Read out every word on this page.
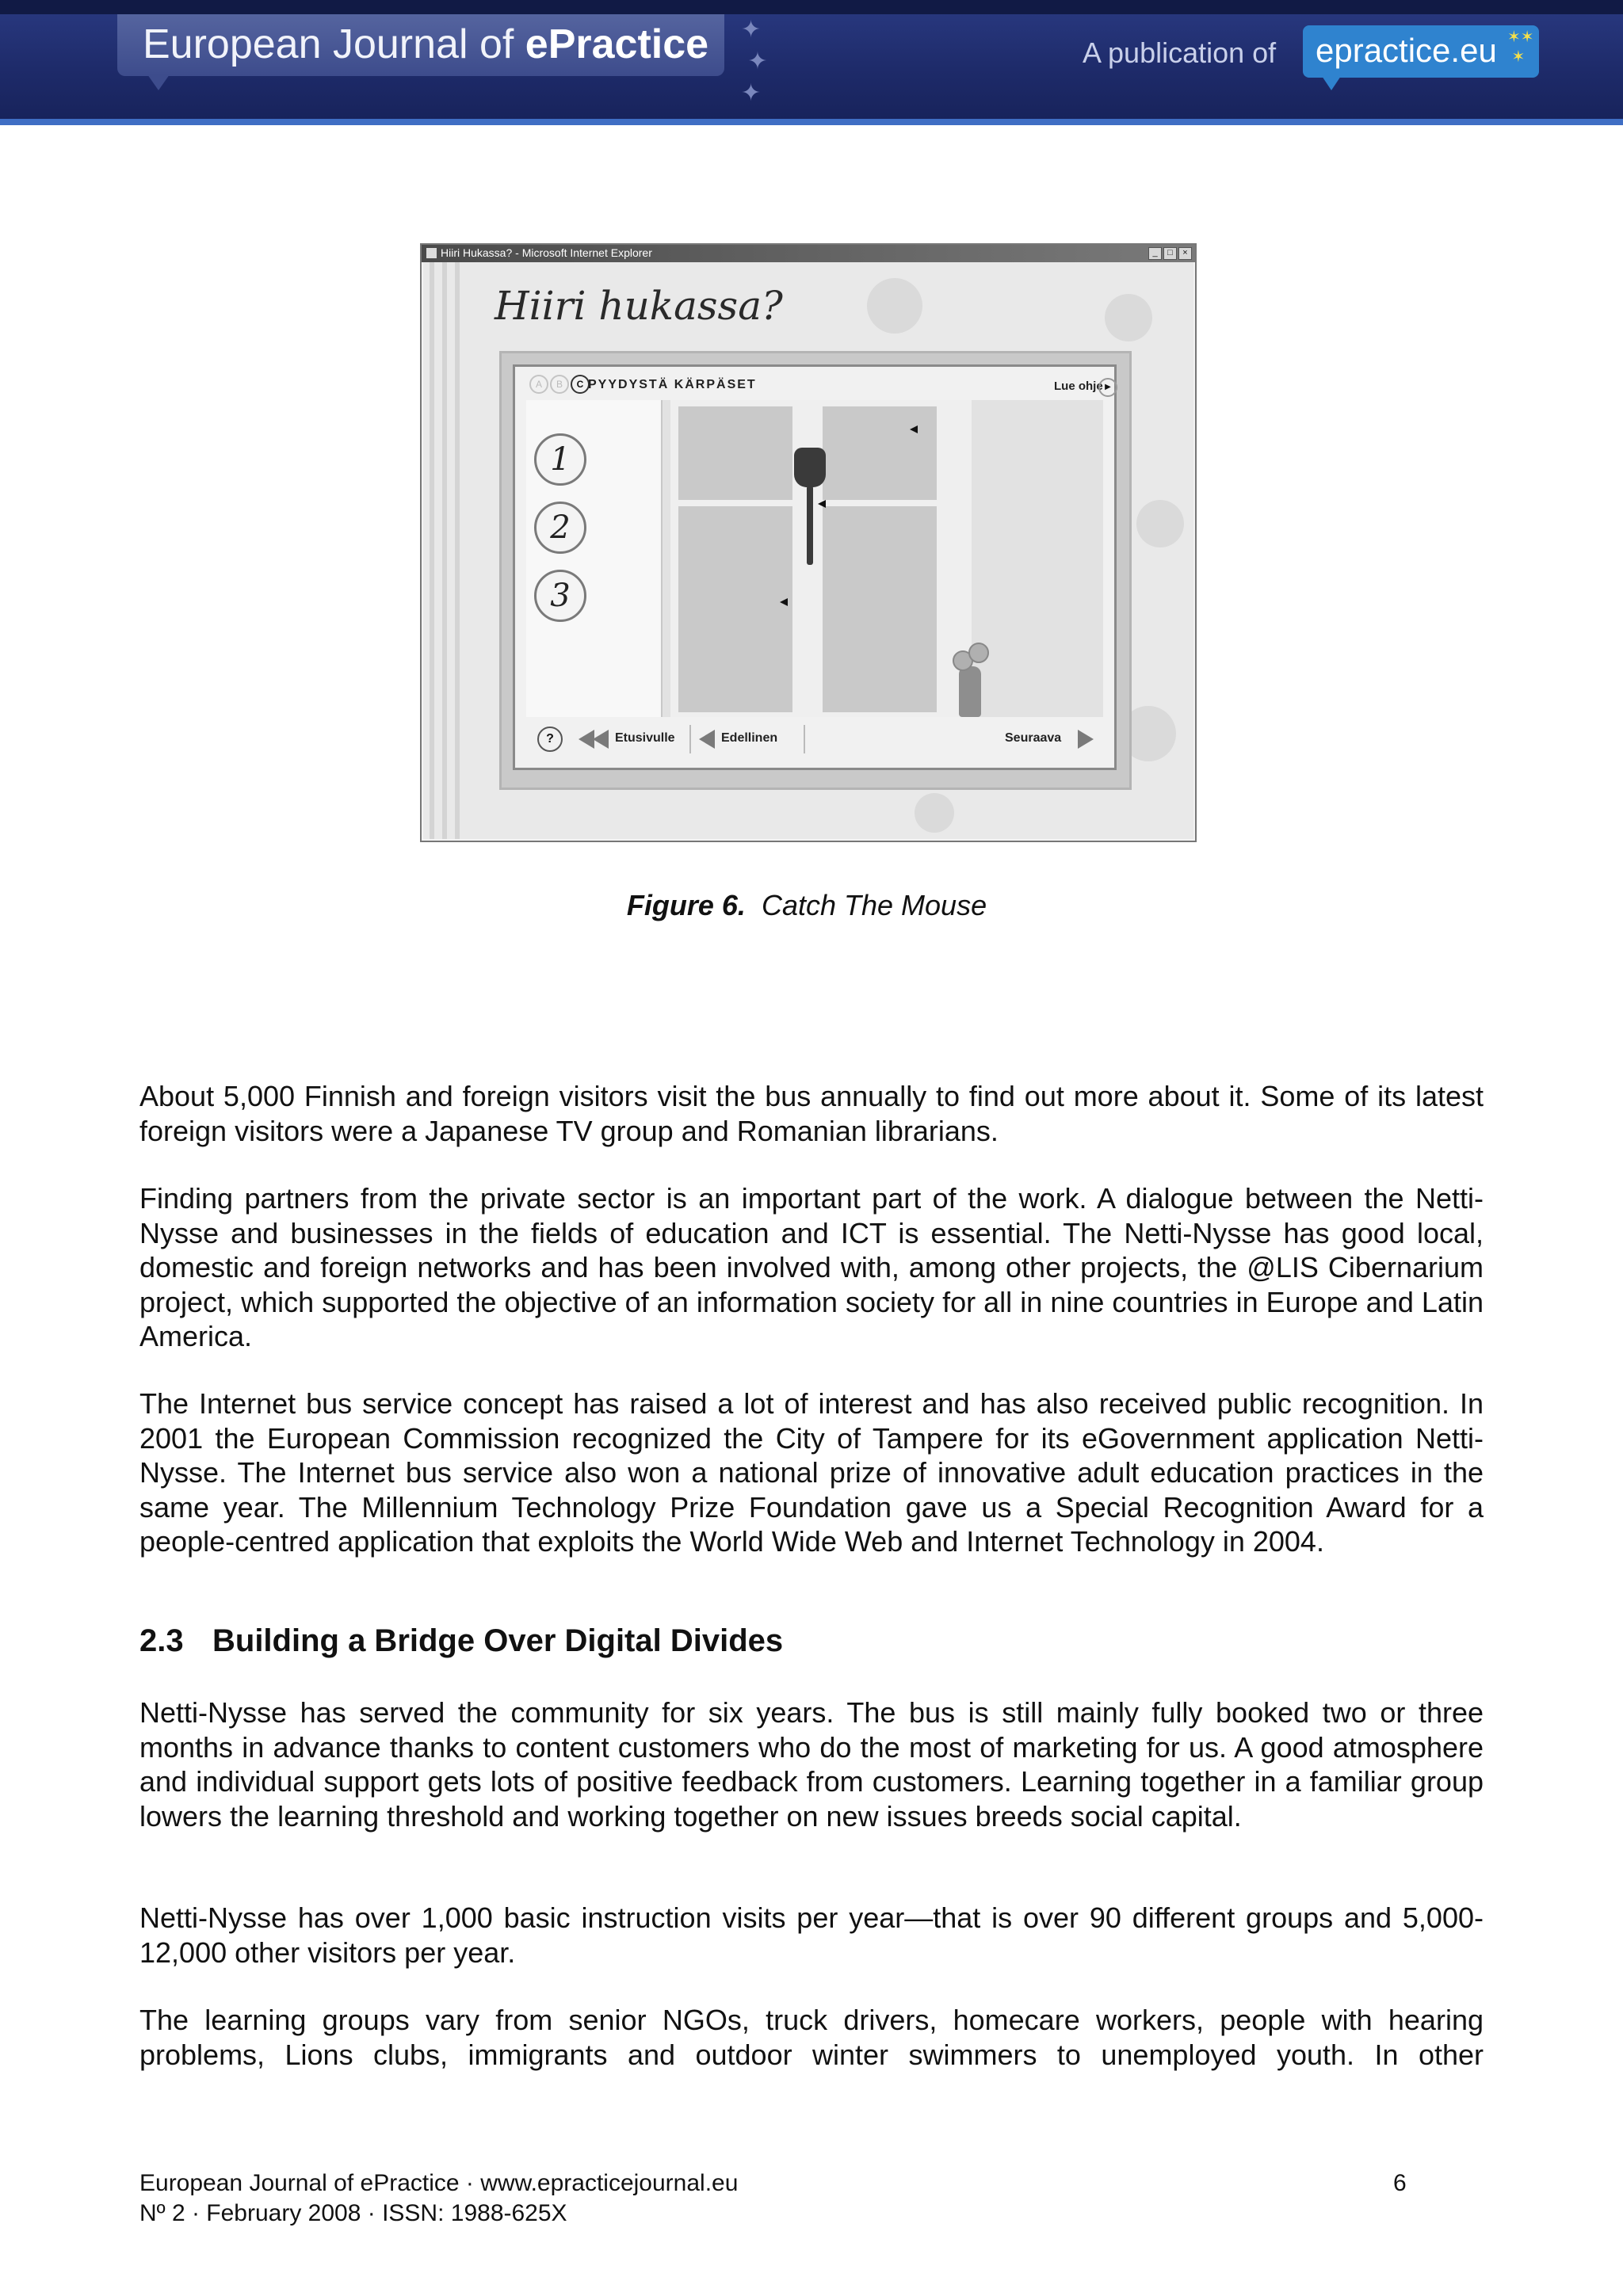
European Journal of ePractice ✦
✦
✦
A publication of epractice.eu ✶✶
✶
Hiiri Hukassa? - Microsoft Internet Explorer	_	□	×
Hiiri hukassa?
A	B	C PYYDYSTÄ KÄRPÄSET	Lue ohje ▶
1
2
3
?	Etusivulle	Edellinen	Seuraava
Figure 6. Catch The Mouse

About 5,000 Finnish and foreign visitors visit the bus annually to find out more about it. Some of its latest foreign visitors were a Japanese TV group and Romanian librarians.

Finding partners from the private sector is an important part of the work. A dialogue between the Netti-Nysse and businesses in the fields of education and ICT is essential. The Netti-Nysse has good local, domestic and foreign networks and has been involved with, among other projects, the @LIS Cibernarium project, which supported the objective of an information society for all in nine countries in Europe and Latin America.

The Internet bus service concept has raised a lot of interest and has also received public recognition. In 2001 the European Commission recognized the City of Tampere for its eGovernment application Netti-Nysse. The Internet bus service also won a national prize of innovative adult education practices in the same year. The Millennium Technology Prize Foundation gave us a Special Recognition Award for a people-centred application that exploits the World Wide Web and Internet Technology in 2004.

2.3 Building a Bridge Over Digital Divides

Netti-Nysse has served the community for six years. The bus is still mainly fully booked two or three months in advance thanks to content customers who do the most of marketing for us. A good atmosphere and individual support gets lots of positive feedback from customers. Learning together in a familiar group lowers the learning threshold and working together on new issues breeds social capital.

Netti-Nysse has over 1,000 basic instruction visits per year—that is over 90 different groups and 5,000-12,000 other visitors per year.

The learning groups vary from senior NGOs, truck drivers, homecare workers, people with hearing problems, Lions clubs, immigrants and outdoor winter swimmers to unemployed youth. In other

European Journal of ePractice · www.epracticejournal.eu
Nº 2 · February 2008 · ISSN: 1988-625X
6
